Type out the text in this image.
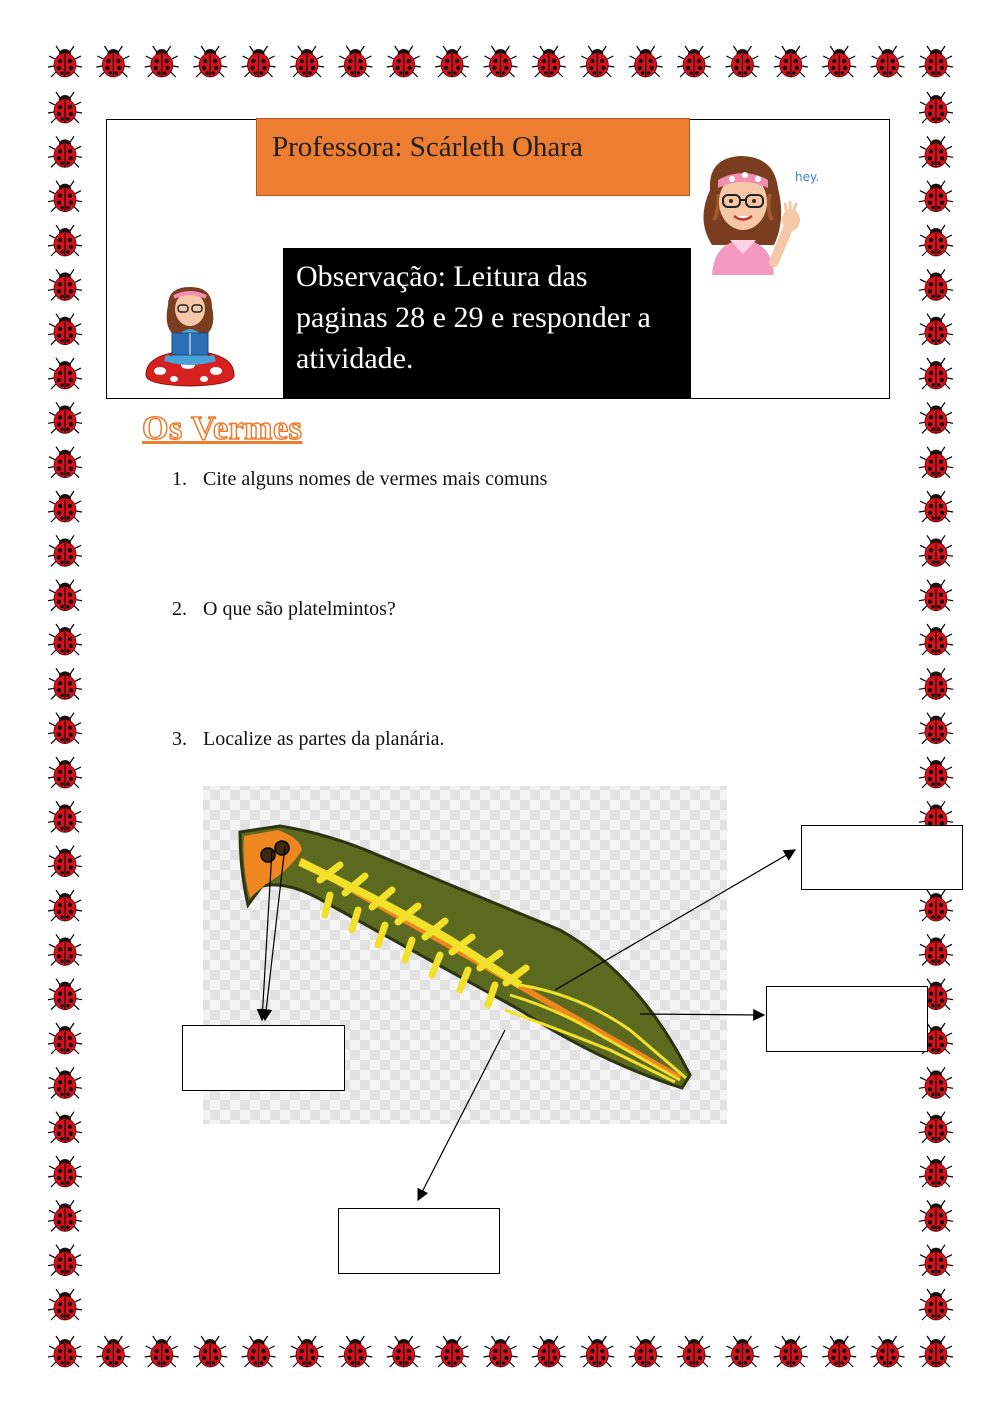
Professora: Scárleth Ohara
Observação: Leitura das paginas 28 e 29 e responder a atividade.
hey.
Os Vermes
1. Cite alguns nomes de vermes mais comuns
2. O que são platelmintos?
3. Localize as partes da planária.
